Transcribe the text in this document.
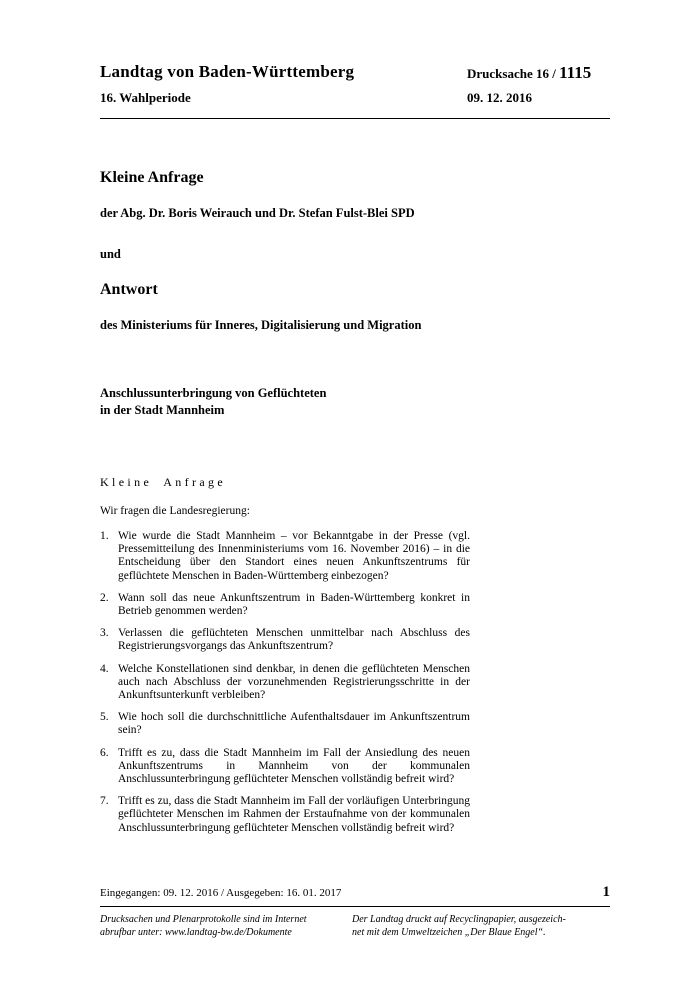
Landtag von Baden-Württemberg
16. Wahlperiode
Drucksache 16 / 1115
09. 12. 2016
Kleine Anfrage
der Abg. Dr. Boris Weirauch und Dr. Stefan Fulst-Blei SPD
und
Antwort
des Ministeriums für Inneres, Digitalisierung und Migration
Anschlussunterbringung von Geflüchteten
in der Stadt Mannheim
Kleine Anfrage
Wir fragen die Landesregierung:
1. Wie wurde die Stadt Mannheim – vor Bekanntgabe in der Presse (vgl. Pressemitteilung des Innenministeriums vom 16. November 2016) – in die Entscheidung über den Standort eines neuen Ankunftszentrums für geflüchtete Menschen in Baden-Württemberg einbezogen?
2. Wann soll das neue Ankunftszentrum in Baden-Württemberg konkret in Betrieb genommen werden?
3. Verlassen die geflüchteten Menschen unmittelbar nach Abschluss des Registrierungsvorgangs das Ankunftszentrum?
4. Welche Konstellationen sind denkbar, in denen die geflüchteten Menschen auch nach Abschluss der vorzunehmenden Registrierungsschritte in der Ankunftsunterkunft verbleiben?
5. Wie hoch soll die durchschnittliche Aufenthaltsdauer im Ankunftszentrum sein?
6. Trifft es zu, dass die Stadt Mannheim im Fall der Ansiedlung des neuen Ankunftszentrums in Mannheim von der kommunalen Anschlussunterbringung geflüchteter Menschen vollständig befreit wird?
7. Trifft es zu, dass die Stadt Mannheim im Fall der vorläufigen Unterbringung geflüchteter Menschen im Rahmen der Erstaufnahme von der kommunalen Anschlussunterbringung geflüchteter Menschen vollständig befreit wird?
Eingegangen: 09. 12. 2016 / Ausgegeben: 16. 01. 2017	1
Drucksachen und Plenarprotokolle sind im Internet
abrufbar unter: www.landtag-bw.de/Dokumente
Der Landtag druckt auf Recyclingpapier, ausgezeich-
net mit dem Umweltzeichen „Der Blaue Engel“.
